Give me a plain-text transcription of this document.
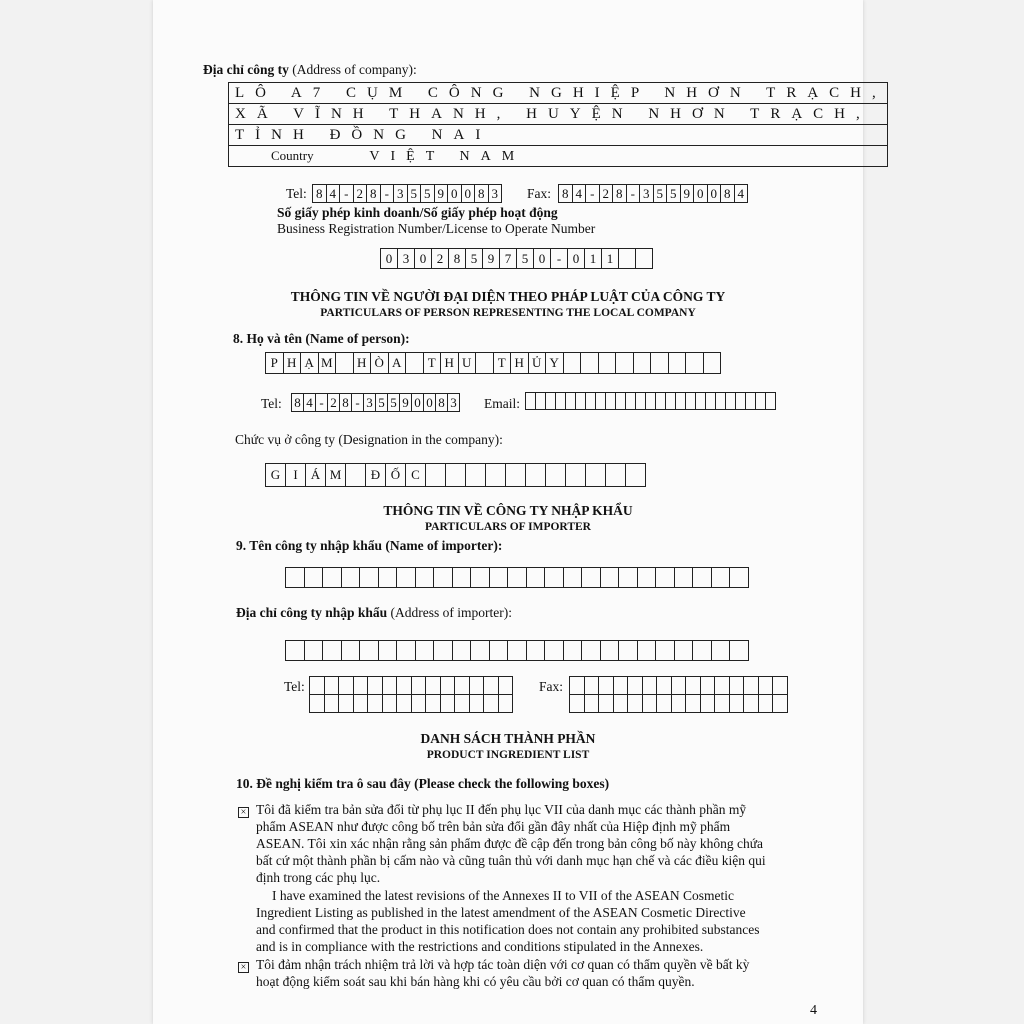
Địa chỉ công ty (Address of company):
LÔ A7 CỤM CÔNG NGHIỆP NHƠN TRẠCH,
XÃ VĨNH THANH, HUYỆN NHƠN TRẠCH,
TỈNH ĐỒNG NAI
Country	VIỆT NAM
Tel: 8 4 - 2 8 - 3 5 5 9 0 0 8 3 Fax: 8 4 - 2 8 - 3 5 5 9 0 0 8 4
Số giấy phép kinh doanh/Số giấy phép hoạt động
Business Registration Number/License to Operate Number
0 3 0 2 8 5 9 7 5 0 - 0 1 1
THÔNG TIN VỀ NGƯỜI ĐẠI DIỆN THEO PHÁP LUẬT CỦA CÔNG TY
PARTICULARS OF PERSON REPRESENTING THE LOCAL COMPANY
8. Họ và tên (Name of person):
P H Ạ M	H Ò A	T H U	T H Ủ Y
Tel: 8 4 - 2 8 - 3 5 5 9 0 0 8 3 Email:
Chức vụ ở công ty (Designation in the company):
G	I	Á M	Đ Ố C
THÔNG TIN VỀ CÔNG TY NHẬP KHẨU
PARTICULARS OF IMPORTER
9. Tên công ty nhập khẩu (Name of importer):
Địa chỉ công ty nhập khẩu (Address of importer):
Tel:	Fax:
DANH SÁCH THÀNH PHẦN
PRODUCT INGREDIENT LIST
10. Đề nghị kiểm tra ô sau đây (Please check the following boxes)
× Tôi đã kiểm tra bản sửa đổi từ phụ lục II đến phụ lục VII của danh mục các thành phần mỹ
phẩm ASEAN như được công bố trên bản sửa đổi gần đây nhất của Hiệp định mỹ phẩm
ASEAN. Tôi xin xác nhận rằng sản phẩm được đề cập đến trong bản công bố này không chứa
bất cứ một thành phần bị cấm nào và cũng tuân thủ với danh mục hạn chế và các điều kiện qui
định trong các phụ lục.
I have examined the latest revisions of the Annexes II to VII of the ASEAN Cosmetic
Ingredient Listing as published in the latest amendment of the ASEAN Cosmetic Directive
and confirmed that the product in this notification does not contain any prohibited substances
and is in compliance with the restrictions and conditions stipulated in the Annexes.
× Tôi đảm nhận trách nhiệm trả lời và hợp tác toàn diện với cơ quan có thẩm quyền về bất kỳ
hoạt động kiểm soát sau khi bán hàng khi có yêu cầu bởi cơ quan có thẩm quyền.
4
